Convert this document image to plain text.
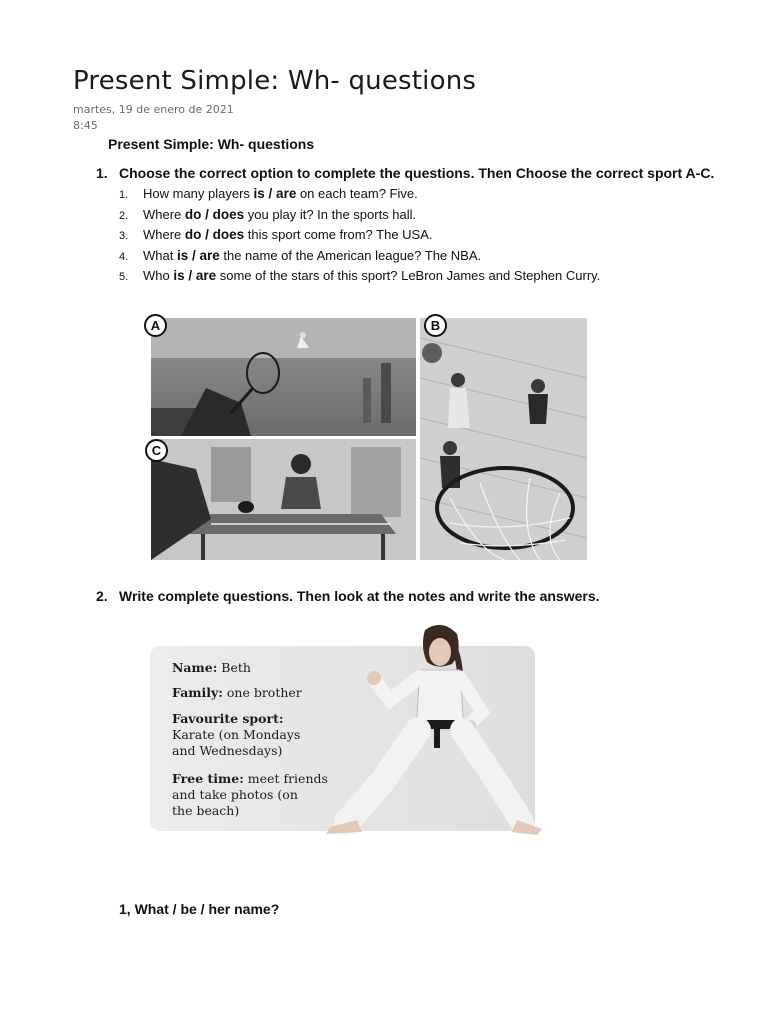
Present Simple: Wh- questions
martes, 19 de enero de 2021
8:45
Present Simple: Wh- questions
1. Choose the correct option to complete the questions. Then Choose the correct sport A-C.
1. How many players is / are on each team? Five.
2. Where do / does you play it? In the sports hall.
3. Where do / does this sport come from? The USA.
4. What is / are the name of the American league? The NBA.
5. Who is / are some of the stars of this sport? LeBron James and Stephen Curry.
A	B
C
2. Write complete questions. Then look at the notes and write the answers.
Name: Beth
Family: one brother
Favourite sport:
Karate (on Mondays
and Wednesdays)
Free time: meet friends
and take photos (on
the beach)
1, What / be / her name?
